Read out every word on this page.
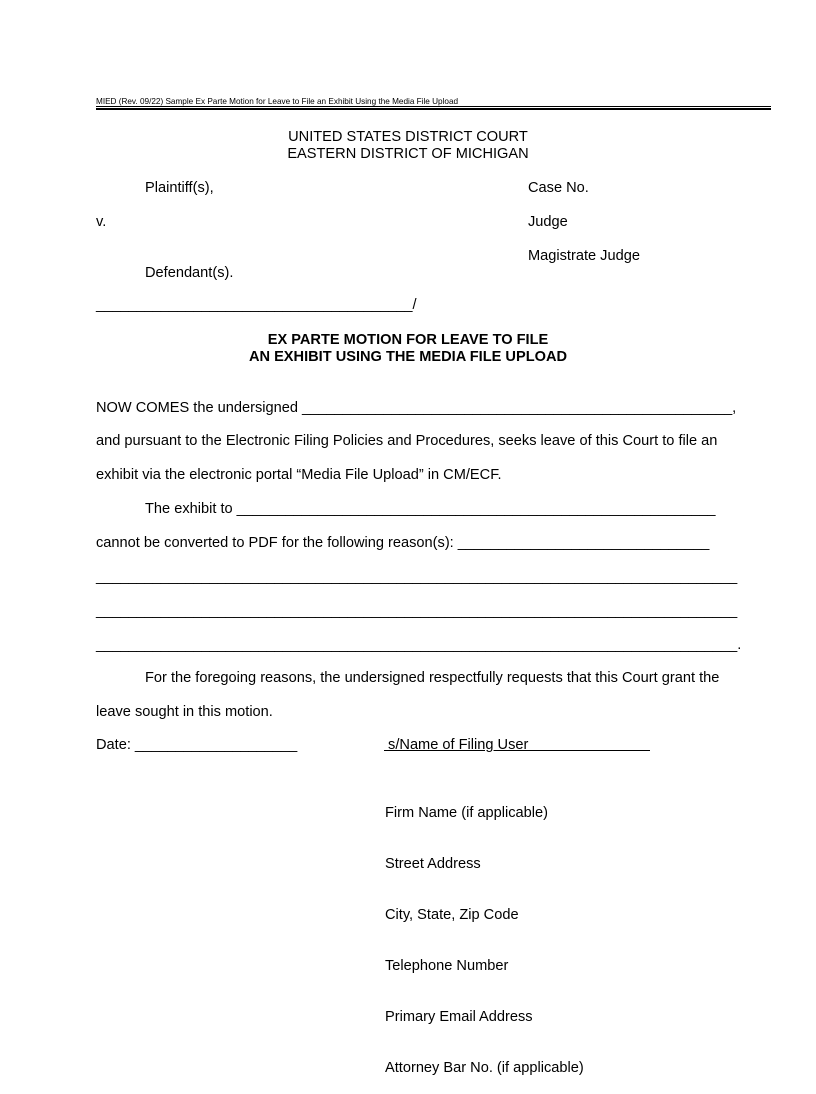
MIED (Rev. 09/22) Sample Ex Parte Motion for Leave to File an Exhibit Using the Media File Upload
UNITED STATES DISTRICT COURT
EASTERN DISTRICT OF MICHIGAN
Plaintiff(s),	Case No.
v.	Judge
Magistrate Judge
Defendant(s).
_______________________________________/
EX PARTE MOTION FOR LEAVE TO FILE
AN EXHIBIT USING THE MEDIA FILE UPLOAD
NOW COMES the undersigned _____________________________________________________,
and pursuant to the Electronic Filing Policies and Procedures, seeks leave of this Court to file an
exhibit via the electronic portal “Media File Upload” in CM/ECF.
The exhibit to ___________________________________________________________
cannot be converted to PDF for the following reason(s): _______________________________
_______________________________________________________________________________
_______________________________________________________________________________
_______________________________________________________________________________.
For the foregoing reasons, the undersigned respectfully requests that this Court grant the
leave sought in this motion.
Date: ____________________	s/Name of Filing User

Firm Name (if applicable)

Street Address

City, State, Zip Code

Telephone Number

Primary Email Address

Attorney Bar No. (if applicable)
